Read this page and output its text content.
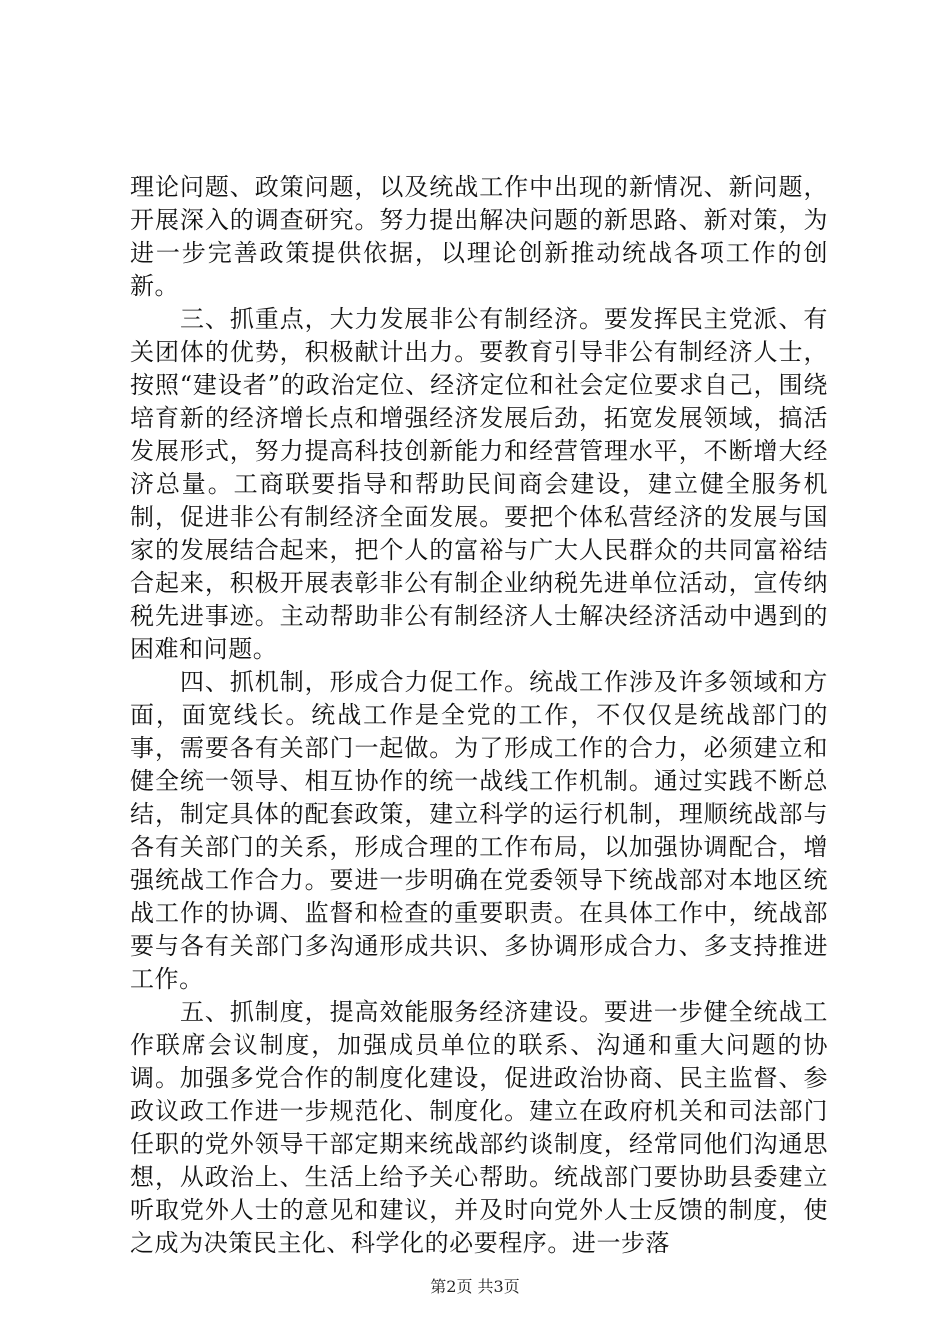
理论问题、政策问题，以及统战工作中出现的新情况、新问题，开展深入的调查研究。努力提出解决问题的新思路、新对策，为进一步完善政策提供依据，以理论创新推动统战各项工作的创新。

三、抓重点，大力发展非公有制经济。要发挥民主党派、有关团体的优势，积极献计出力。要教育引导非公有制经济人士，按照“建设者”的政治定位、经济定位和社会定位要求自己，围绕培育新的经济增长点和增强经济发展后劲，拓宽发展领域，搞活发展形式，努力提高科技创新能力和经营管理水平，不断增大经济总量。工商联要指导和帮助民间商会建设，建立健全服务机制，促进非公有制经济全面发展。要把个体私营经济的发展与国家的发展结合起来，把个人的富裕与广大人民群众的共同富裕结合起来，积极开展表彰非公有制企业纳税先进单位活动，宣传纳税先进事迹。主动帮助非公有制经济人士解决经济活动中遇到的困难和问题。

四、抓机制，形成合力促工作。统战工作涉及许多领域和方面，面宽线长。统战工作是全党的工作，不仅仅是统战部门的事，需要各有关部门一起做。为了形成工作的合力，必须建立和健全统一领导、相互协作的统一战线工作机制。通过实践不断总结，制定具体的配套政策，建立科学的运行机制，理顺统战部与各有关部门的关系，形成合理的工作布局，以加强协调配合，增强统战工作合力。要进一步明确在党委领导下统战部对本地区统战工作的协调、监督和检查的重要职责。在具体工作中，统战部要与各有关部门多沟通形成共识、多协调形成合力、多支持推进工作。

五、抓制度，提高效能服务经济建设。要进一步健全统战工作联席会议制度，加强成员单位的联系、沟通和重大问题的协调。加强多党合作的制度化建设，促进政治协商、民主监督、参政议政工作进一步规范化、制度化。建立在政府机关和司法部门任职的党外领导干部定期来统战部约谈制度，经常同他们沟通思想，从政治上、生活上给予关心帮助。统战部门要协助县委建立听取党外人士的意见和建议，并及时向党外人士反馈的制度，使之成为决策民主化、科学化的必要程序。进一步落

第2页 共3页
